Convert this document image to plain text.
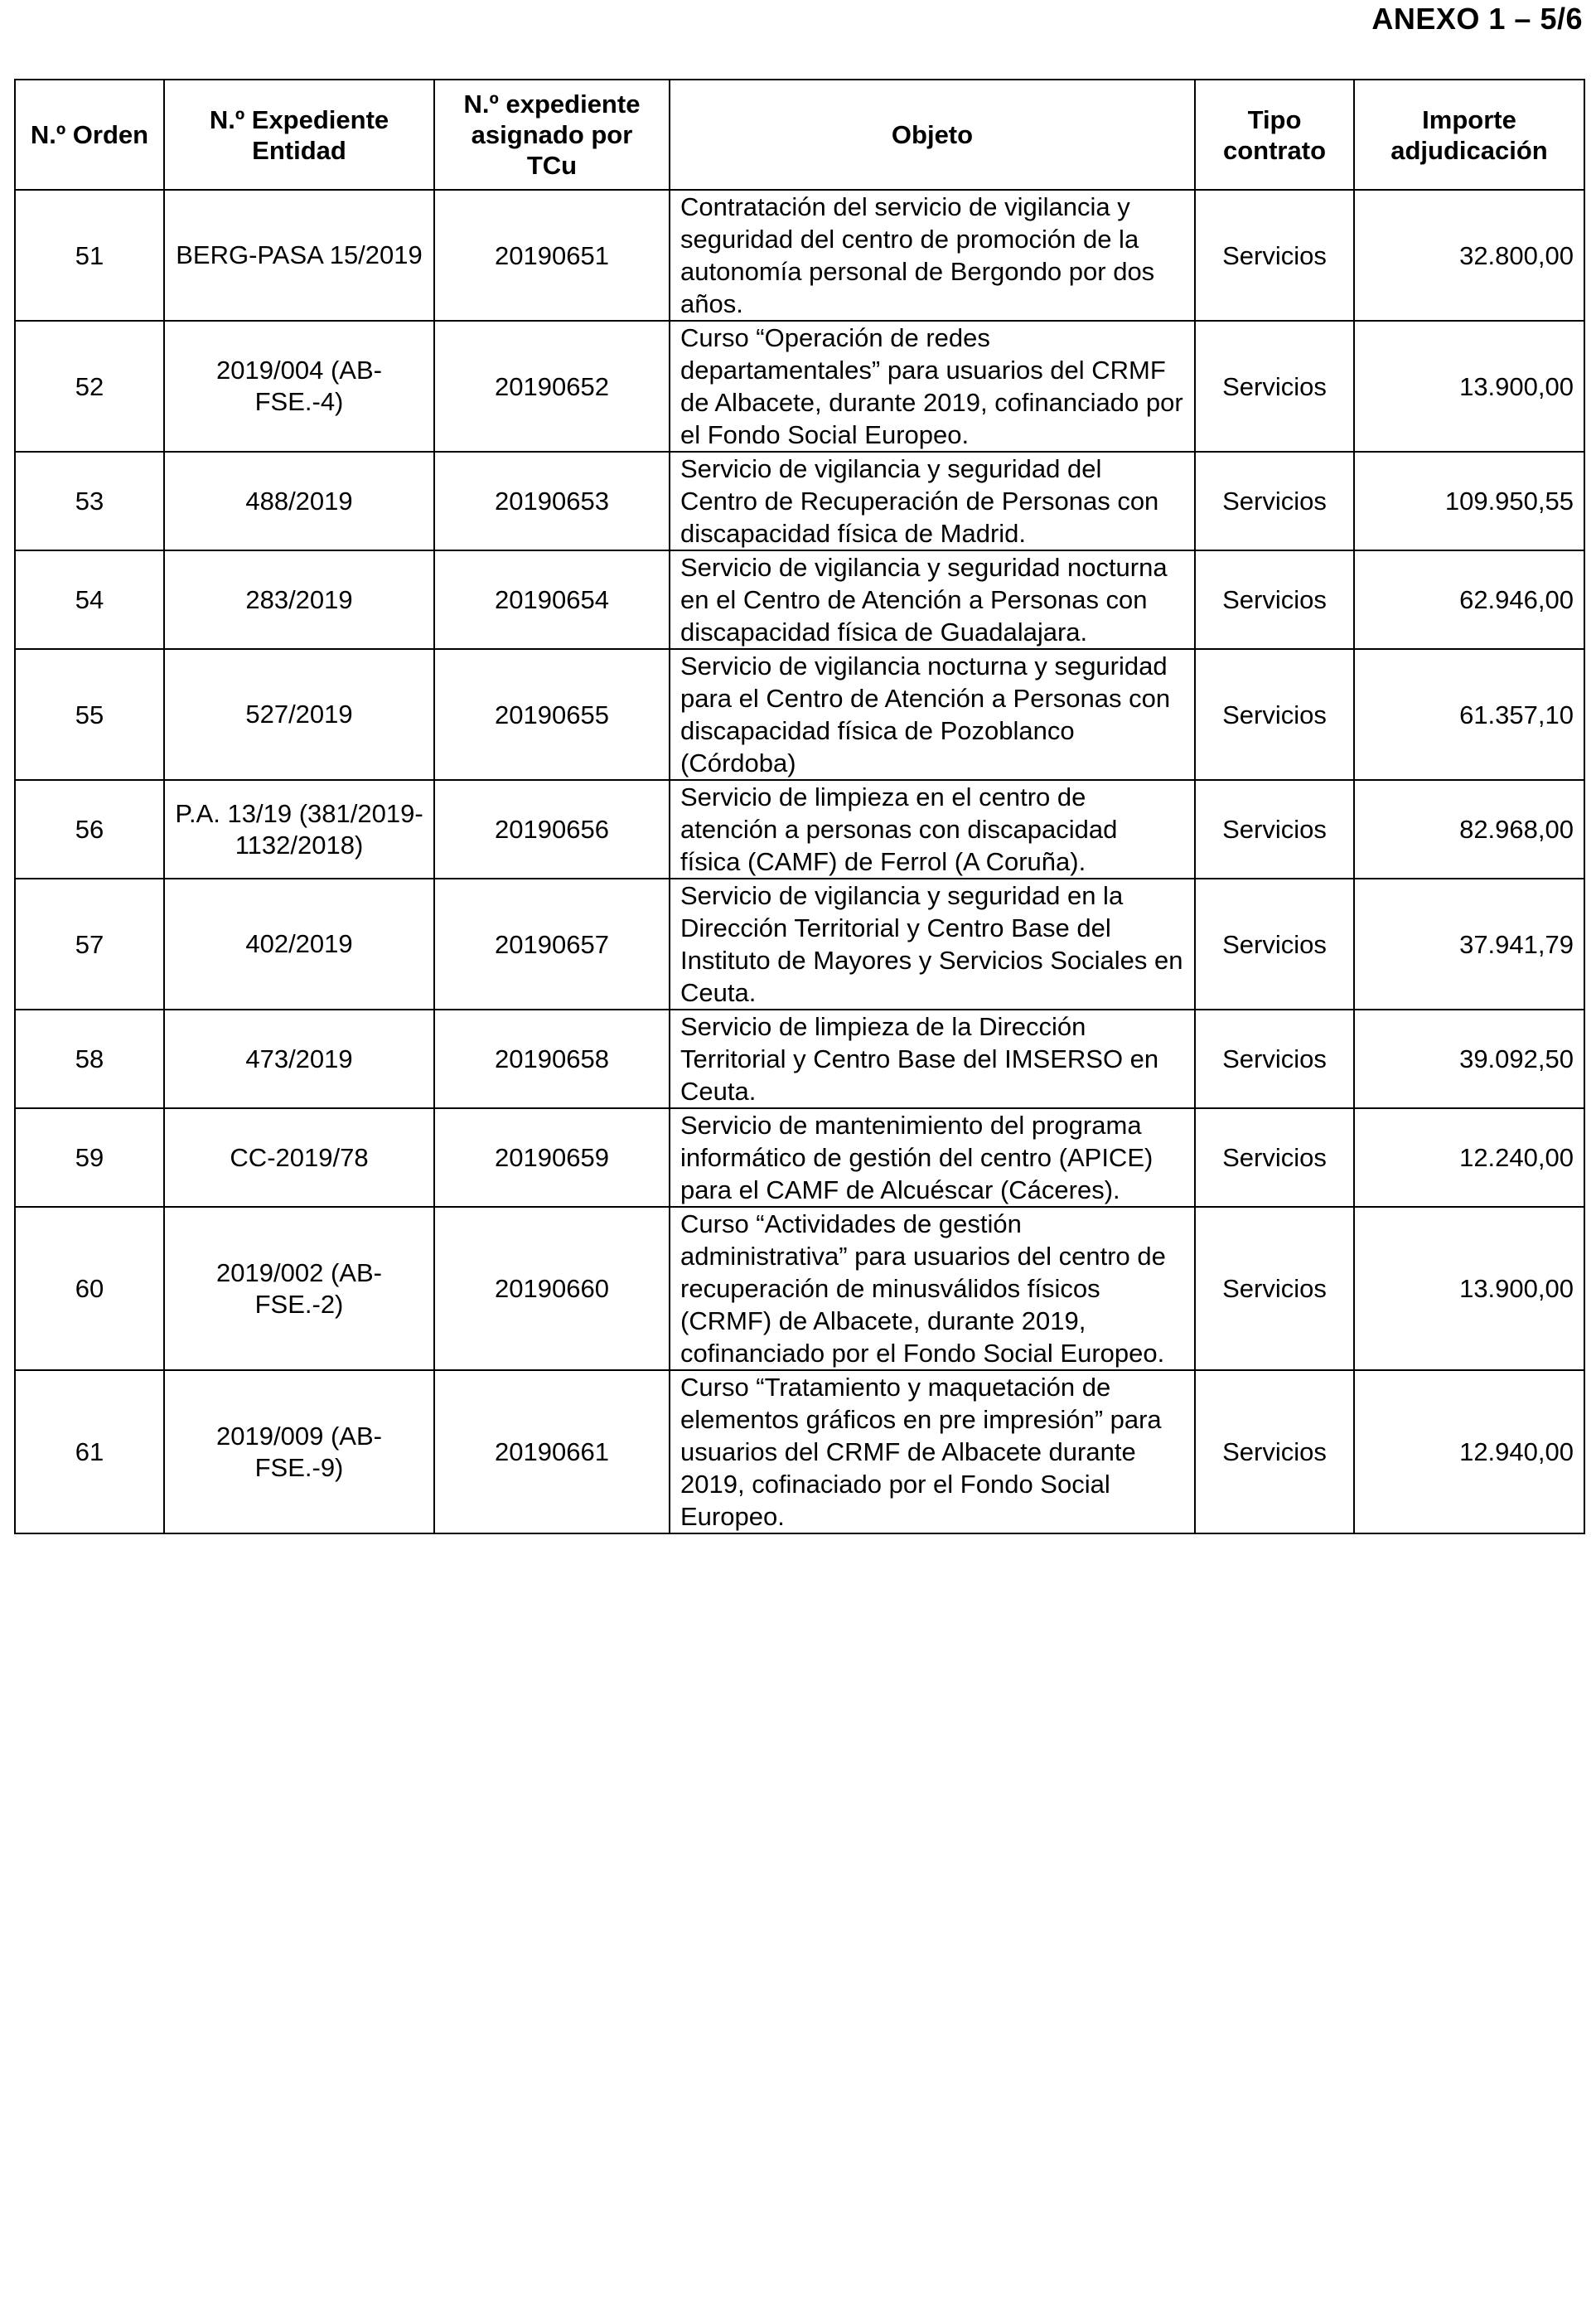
ANEXO 1 – 5/6
N.º Orden	N.º Expediente Entidad	N.º expediente asignado por TCu	Objeto	Tipo contrato	Importe adjudicación
51	BERG-PASA 15/2019	20190651	Contratación del servicio de vigilancia y seguridad del centro de promoción de la autonomía personal de Bergondo por dos años.	Servicios	32.800,00
52	2019/004 (AB-FSE.-4)	20190652	Curso “Operación de redes departamentales” para usuarios del CRMF de Albacete, durante 2019, cofinanciado por el Fondo Social Europeo.	Servicios	13.900,00
53	488/2019	20190653	Servicio de vigilancia y seguridad del Centro de Recuperación de Personas con discapacidad física de Madrid.	Servicios	109.950,55
54	283/2019	20190654	Servicio de vigilancia y seguridad nocturna en el Centro de Atención a Personas con discapacidad física de Guadalajara.	Servicios	62.946,00
55	527/2019	20190655	Servicio de vigilancia nocturna y seguridad para el Centro de Atención a Personas con discapacidad física de Pozoblanco (Córdoba)	Servicios	61.357,10
56	P.A. 13/19 (381/2019-1132/2018)	20190656	Servicio de limpieza en el centro de atención a personas con discapacidad física (CAMF) de Ferrol (A Coruña).	Servicios	82.968,00
57	402/2019	20190657	Servicio de vigilancia y seguridad en la Dirección Territorial y Centro Base del Instituto de Mayores y Servicios Sociales en Ceuta.	Servicios	37.941,79
58	473/2019	20190658	Servicio de limpieza de la Dirección Territorial y Centro Base del IMSERSO en Ceuta.	Servicios	39.092,50
59	CC-2019/78	20190659	Servicio de mantenimiento del programa informático de gestión del centro (APICE) para el CAMF de Alcuéscar (Cáceres).	Servicios	12.240,00
60	2019/002 (AB-FSE.-2)	20190660	Curso “Actividades de gestión administrativa” para usuarios del centro de recuperación de minusválidos físicos (CRMF) de Albacete, durante 2019, cofinanciado por el Fondo Social Europeo.	Servicios	13.900,00
61	2019/009 (AB-FSE.-9)	20190661	Curso “Tratamiento y maquetación de elementos gráficos en pre impresión” para usuarios del CRMF de Albacete durante 2019, cofinaciado por el Fondo Social Europeo.	Servicios	12.940,00
